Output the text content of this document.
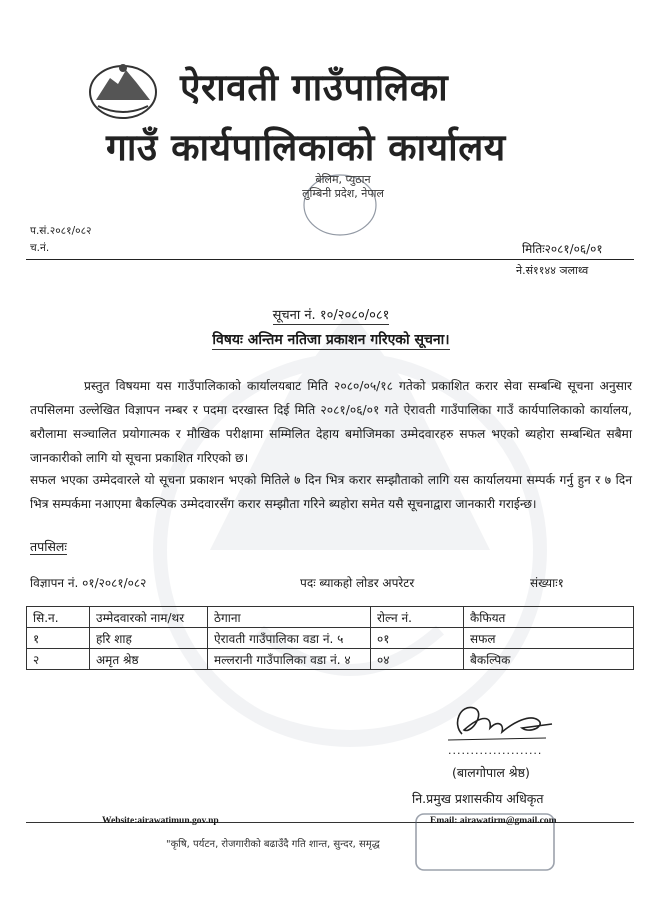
ऐरावती गाउँपालिका
गाउँ कार्यपालिकाको कार्यालय
बेलिम, प्युठान
लुम्बिनी प्रदेश, नेपाल
प.सं.२०८१/०८२
च.नं.	मितिः२०८१/०६/०१
ने.सं११४४ ञलाथ्व
सूचना नं. १०/२०८०/०८१
विषयः अन्तिम नतिजा प्रकाशन गरिएको सूचना।
प्रस्तुत विषयमा यस गाउँपालिकाको कार्यालयबाट मिति २०८०/०५/१८ गतेको प्रकाशित करार सेवा सम्बन्धि सूचना अनुसार तपसिलमा उल्लेखित विज्ञापन नम्बर र पदमा दरखास्त दिई मिति २०८१/०६/०१ गते ऐरावती गाउँपालिका गाउँ कार्यपालिकाको कार्यालय, बरौलामा सञ्चालित प्रयोगात्मक र मौखिक परीक्षामा सम्मिलित देहाय बमोजिमका उम्मेदवारहरु सफल भएको ब्यहोरा सम्बन्धित सबैमा जानकारीको लागि यो सूचना प्रकाशित गरिएको छ।
सफल भएका उम्मेदवारले यो सूचना प्रकाशन भएको मितिले ७ दिन भित्र करार सम्झौताको लागि यस कार्यालयमा सम्पर्क गर्नु हुन र ७ दिन भित्र सम्पर्कमा नआएमा बैकल्पिक उम्मेदवारसँग करार सम्झौता गरिने ब्यहोरा समेत यसै सूचनाद्वारा जानकारी गराईन्छ।
तपसिलः
विज्ञापन नं. ०१/२०८१/०८२	पदः ब्याकहो लोडर अपरेटर	संख्याः१
सि.न.	उम्मेदवारको नाम/थर	ठेगाना	रोल्न नं.	कैफियत
१	हरि शाह	ऐरावती गाउँपालिका वडा नं. ५	०१	सफल
२	अमृत श्रेष्ठ	मल्लरानी गाउँपालिका वडा नं. ४	०४	बैकल्पिक
.....................
(बालगोपाल श्रेष्ठ)
नि.प्रमुख प्रशासकीय अधिकृत
Website:airawatimun.gov.np	Email: airawatirm@gmail.com
"कृषि, पर्यटन, रोजगारीको बढाउँदै गति शान्त, सुन्दर, समृद्ध
